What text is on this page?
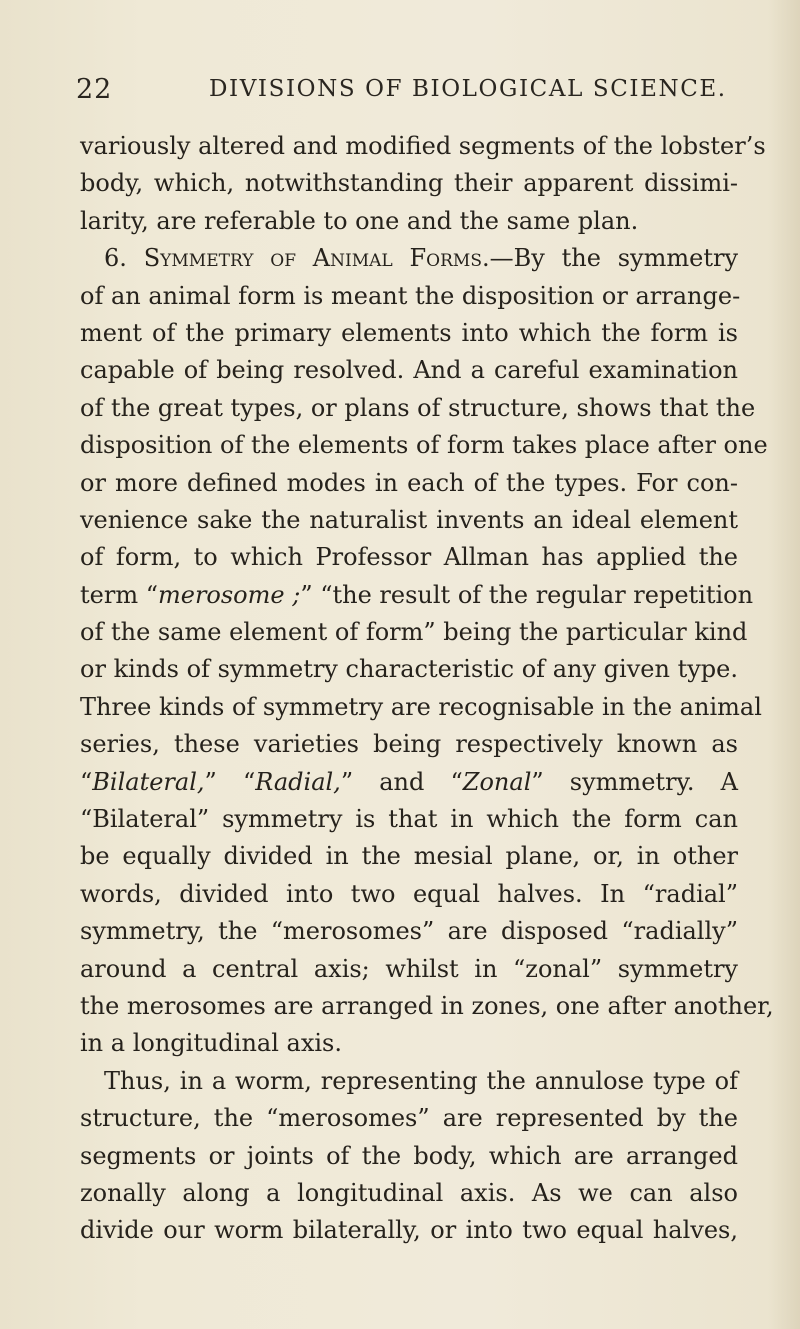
22	DIVISIONS OF BIOLOGICAL SCIENCE.
variously altered and modified segments of the lobster’s
body, which, notwithstanding their apparent dissimi-
larity, are referable to one and the same plan.
6. Symmetry of Animal Forms.—By the symmetry
of an animal form is meant the disposition or arrange-
ment of the primary elements into which the form is
capable of being resolved. And a careful examination
of the great types, or plans of structure, shows that the
disposition of the elements of form takes place after one
or more defined modes in each of the types. For con-
venience sake the naturalist invents an ideal element
of form, to which Professor Allman has applied the
term “merosome ;” “the result of the regular repetition
of the same element of form” being the particular kind
or kinds of symmetry characteristic of any given type.
Three kinds of symmetry are recognisable in the animal
series, these varieties being respectively known as
“Bilateral,” “Radial,” and “Zonal” symmetry. A
“Bilateral” symmetry is that in which the form can
be equally divided in the mesial plane, or, in other
words, divided into two equal halves. In “radial”
symmetry, the “merosomes” are disposed “radially”
around a central axis; whilst in “zonal” symmetry
the merosomes are arranged in zones, one after another,
in a longitudinal axis.
Thus, in a worm, representing the annulose type of
structure, the “merosomes” are represented by the
segments or joints of the body, which are arranged
zonally along a longitudinal axis. As we can also
divide our worm bilaterally, or into two equal halves,
